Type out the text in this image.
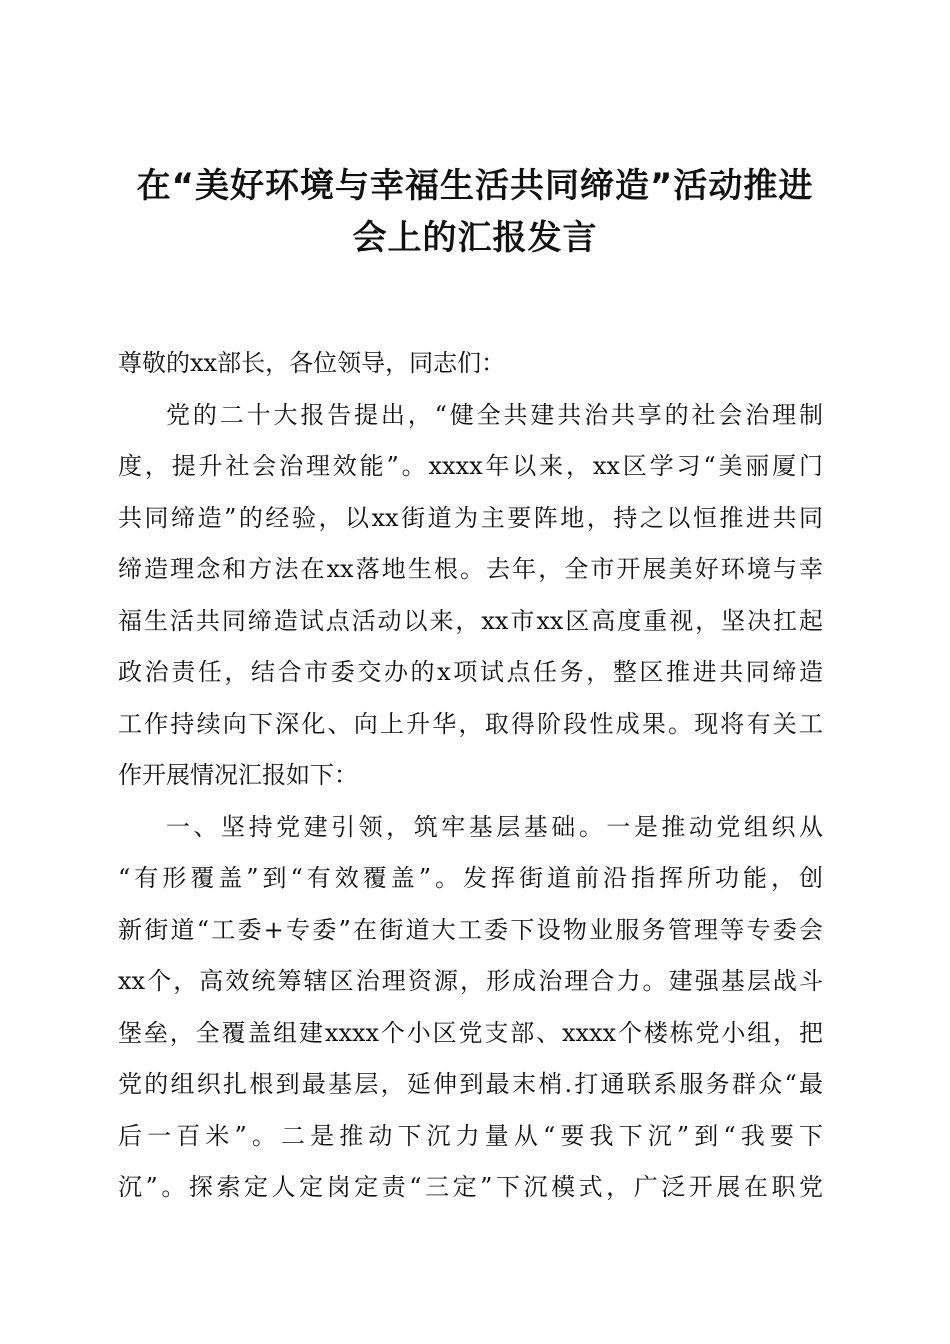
在“美好环境与幸福生活共同缔造”活动推进
会上的汇报发言
尊敬的xx部长，各位领导，同志们：
党的二十大报告提出，“健全共建共治共享的社会治理制
度，提升社会治理效能”。xxxx年以来，xx区学习“美丽厦门
共同缔造”的经验，以xx街道为主要阵地，持之以恒推进共同
缔造理念和方法在xx落地生根。去年，全市开展美好环境与幸
福生活共同缔造试点活动以来，xx市xx区高度重视，坚决扛起
政治责任，结合市委交办的x项试点任务，整区推进共同缔造
工作持续向下深化、向上升华，取得阶段性成果。现将有关工
作开展情况汇报如下：
一、坚持党建引领，筑牢基层基础。一是推动党组织从
“有形覆盖”到“有效覆盖”。发挥街道前沿指挥所功能，创
新街道“工委+专委”在街道大工委下设物业服务管理等专委会
xx个，高效统筹辖区治理资源，形成治理合力。建强基层战斗
堡垒，全覆盖组建xxxx个小区党支部、xxxx个楼栋党小组，把
党的组织扎根到最基层，延伸到最末梢.打通联系服务群众“最
后一百米”。二是推动下沉力量从“要我下沉”到“我要下
沉”。探索定人定岗定责“三定”下沉模式，广泛开展在职党
